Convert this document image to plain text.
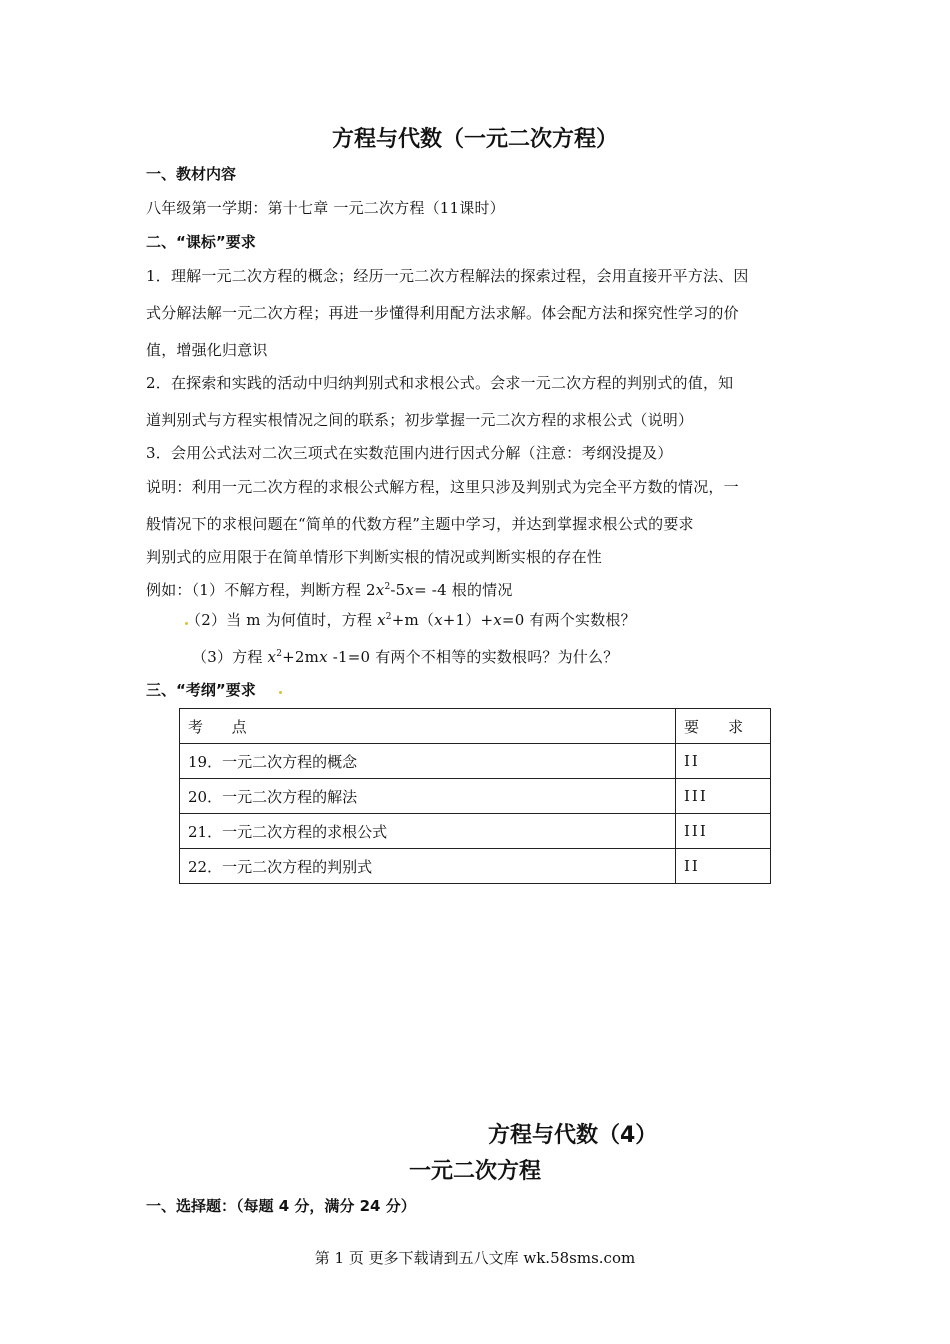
方程与代数（一元二次方程）
一、教材内容
八年级第一学期：第十七章 一元二次方程（11课时）
二、“课标”要求
1．理解一元二次方程的概念；经历一元二次方程解法的探索过程，会用直接开平方法、因
式分解法解一元二次方程；再进一步懂得利用配方法求解。体会配方法和探究性学习的价
值，增强化归意识
2．在探索和实践的活动中归纳判别式和求根公式。会求一元二次方程的判别式的值，知
道判别式与方程实根情况之间的联系；初步掌握一元二次方程的求根公式（说明）
3．会用公式法对二次三项式在实数范围内进行因式分解（注意：考纲没提及）
说明：利用一元二次方程的求根公式解方程，这里只涉及判别式为完全平方数的情况，一
般情况下的求根问题在“简单的代数方程”主题中学习，并达到掌握求根公式的要求
判别式的应用限于在简单情形下判断实根的情况或判断实根的存在性
例如：（1）不解方程，判断方程 $2x^2-5x= -4$ 根的情况
（2）当 m 为何值时，方程 $x^2+m(x+1)+x=0$ 有两个实数根？
（3）方程 $x^2+2mx$ -1=0 有两个不相等的实数根吗？为什么？
三、“考纲”要求
考      点	要    求
19．一元二次方程的概念	II
20．一元二次方程的解法	III
21．一元二次方程的求根公式	III
22．一元二次方程的判别式	II
方程与代数（4）
一元二次方程
一、选择题：（每题 4 分，满分 24 分）
第 1 页 更多下载请到五八文库 wk.58sms.com
